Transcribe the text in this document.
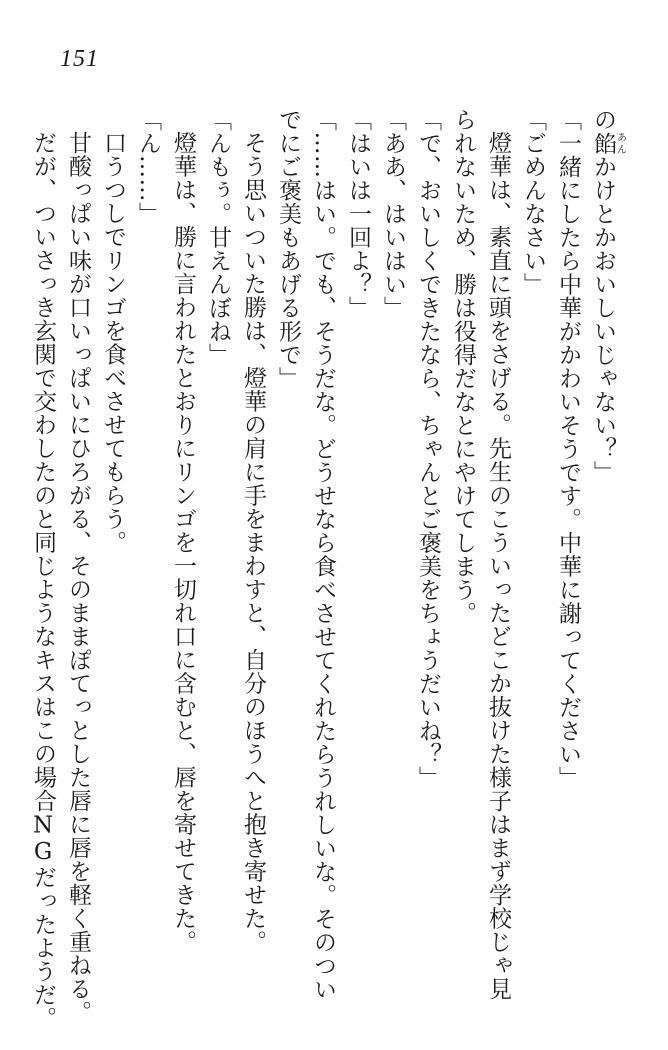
151
の餡あんかけとかおいしいじゃない？」
「一緒にしたら中華がかわいそうです。中華に謝ってください」
「ごめんなさい」
燈華は、素直に頭をさげる。先生のこういったどこか抜けた様子はまず学校じゃ見
られないため、勝は役得だなとにやけてしまう。
「で、おいしくできたなら、ちゃんとご褒美をちょうだいね？」
「ああ、はいはい」
「はいは一回よ？」
「……はい。でも、そうだな。どうせなら食べさせてくれたらうれしいな。そのつい
でにご褒美もあげる形で」
そう思いついた勝は、燈華の肩に手をまわすと、自分のほうへと抱き寄せた。
「んもぅ。甘えんぼね」
燈華は、勝に言われたとおりにリンゴを一切れ口に含むと、唇を寄せてきた。
「ん……」
口うつしでリンゴを食べさせてもらう。
甘酸っぱい味が口いっぱいにひろがる、そのままぽてっとした唇に唇を軽く重ねる。
だが、ついさっき玄関で交わしたのと同じようなキスはこの場合NGだったようだ。
